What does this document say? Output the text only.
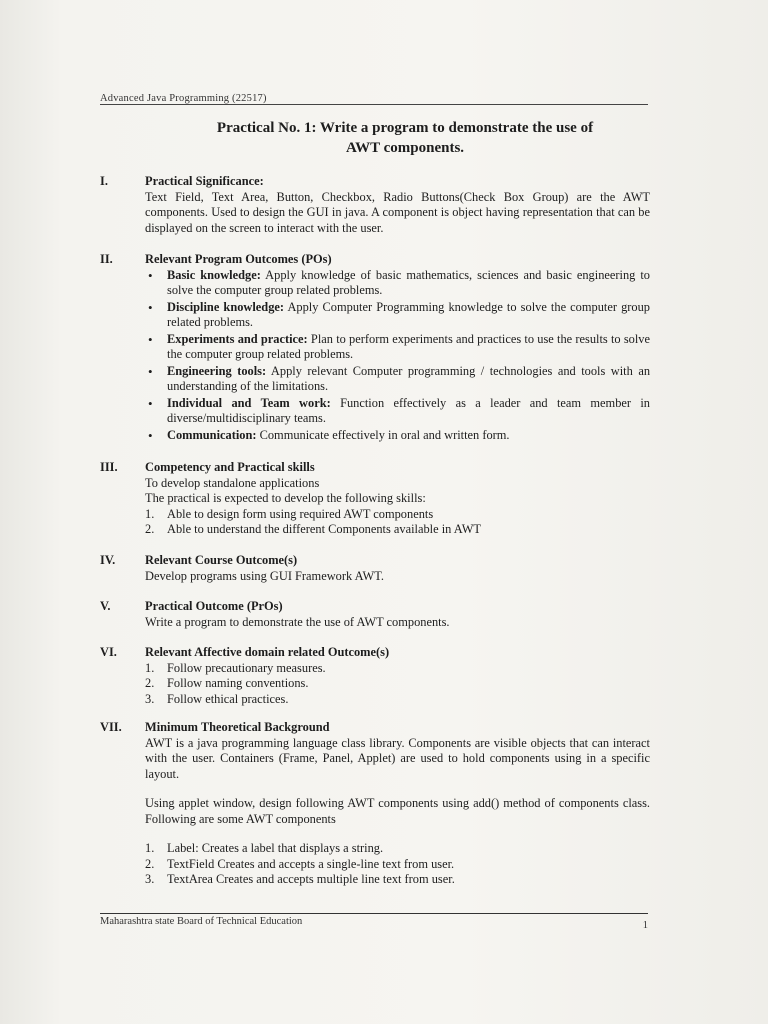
Advanced Java Programming (22517)
Practical No. 1: Write a program to demonstrate the use of
AWT components.
I.	Practical Significance:

Text Field, Text Area, Button, Checkbox, Radio Buttons(Check Box Group) are the AWT components. Used to design the GUI in java. A component is object having representation that can be displayed on the screen to interact with the user.

II.	Relevant Program Outcomes (POs)
• Basic knowledge: Apply knowledge of basic mathematics, sciences and basic engineering to solve the computer group related problems.
• Discipline knowledge: Apply Computer Programming knowledge to solve the computer group related problems.
• Experiments and practice: Plan to perform experiments and practices to use the results to solve the computer group related problems.
• Engineering tools: Apply relevant Computer programming / technologies and tools with an understanding of the limitations.
• Individual and Team work: Function effectively as a leader and team member in diverse/multidisciplinary teams.
• Communication: Communicate effectively in oral and written form.
III.	Competency and Practical skills
To develop standalone applications
The practical is expected to develop the following skills:
1. Able to design form using required AWT components
2. Able to understand the different Components available in AWT
IV.	Relevant Course Outcome(s)
Develop programs using GUI Framework AWT.
V.	Practical Outcome (PrOs)
Write a program to demonstrate the use of AWT components.
VI.	Relevant Affective domain related Outcome(s)
1. Follow precautionary measures.
2. Follow naming conventions.
3. Follow ethical practices.
VII.	Minimum Theoretical Background

AWT is a java programming language class library. Components are visible objects that can interact with the user. Containers (Frame, Panel, Applet) are used to hold components using in a specific layout.

Using applet window, design following AWT components using add() method of components class. Following are some AWT components

1. Label: Creates a label that displays a string.
2. TextField Creates and accepts a single-line text from user.
3. TextArea Creates and accepts multiple line text from user.
Maharashtra state Board of Technical Education	1
